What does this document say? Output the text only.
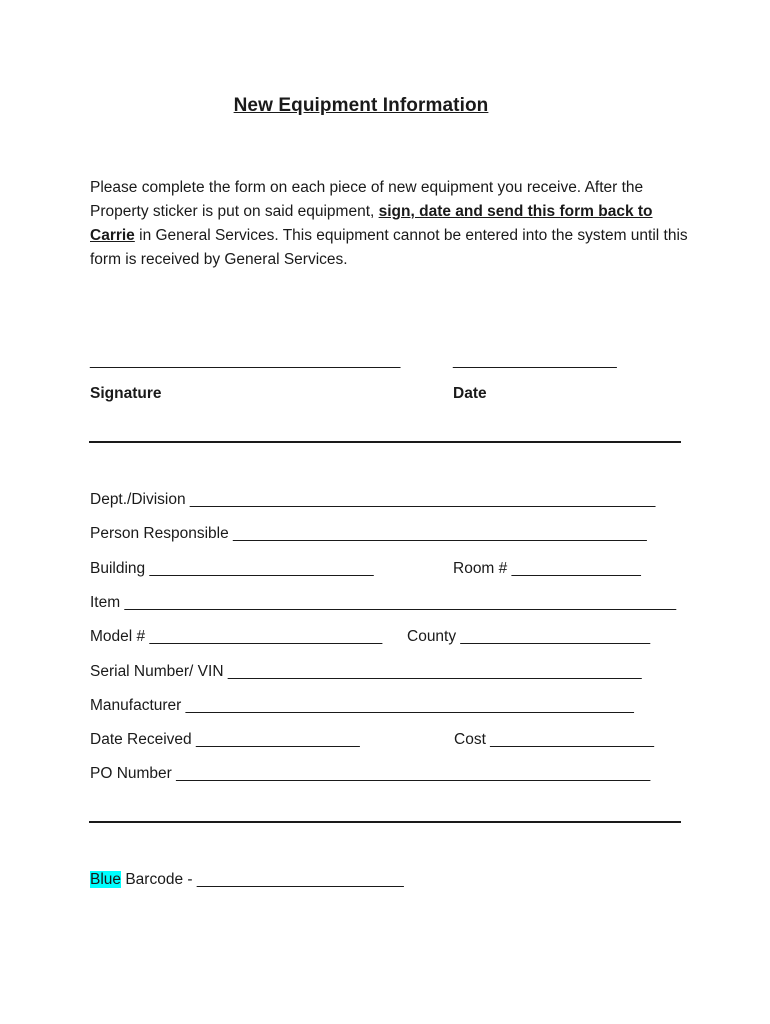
New Equipment Information
Please complete the form on each piece of new equipment you receive. After the Property sticker is put on said equipment, sign, date and send this form back to Carrie in General Services. This equipment cannot be entered into the system until this form is received by General Services.
____________________________________	___________________
Signature	Date
Dept./Division ______________________________________________________
Person Responsible ________________________________________________
Building __________________________	Room # _______________
Item ________________________________________________________________
Model # ___________________________ County ______________________
Serial Number/ VIN ________________________________________________
Manufacturer ____________________________________________________
Date Received ___________________	Cost ___________________
PO Number _______________________________________________________
Blue Barcode - ________________________
